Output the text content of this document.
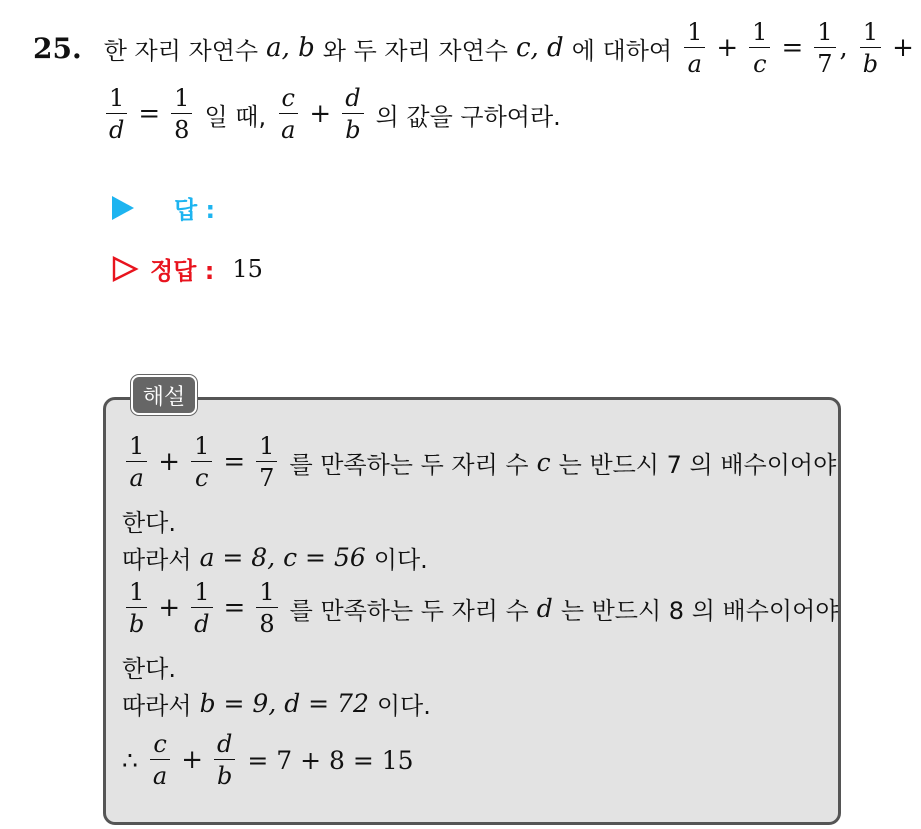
25. 한 자리 자연수 a, b 와 두 자리 자연수 c, d 에 대하여 $\frac{1}{a} + \frac{1}{c} = \frac{1}{7}$ , $\frac{1}{b}$ +
$\frac{1}{d} = \frac{1}{8}$ 일 때, $\frac{c}{a} + \frac{d}{b}$ 의 값을 구하여라.
답 :
정답 : 15
해설
$\frac{1}{a} + \frac{1}{c} = \frac{1}{7}$ 를 만족하는 두 자리 수 c 는 반드시 7 의 배수이어야
한다.
따라서 a = 8, c = 56 이다.
$\frac{1}{b} + \frac{1}{d} = \frac{1}{8}$ 를 만족하는 두 자리 수 d 는 반드시 8 의 배수이어야
한다.
따라서 b = 9, d = 72 이다.
∴ $\frac{c}{a} + \frac{d}{b} = 7 + 8 = 15$
